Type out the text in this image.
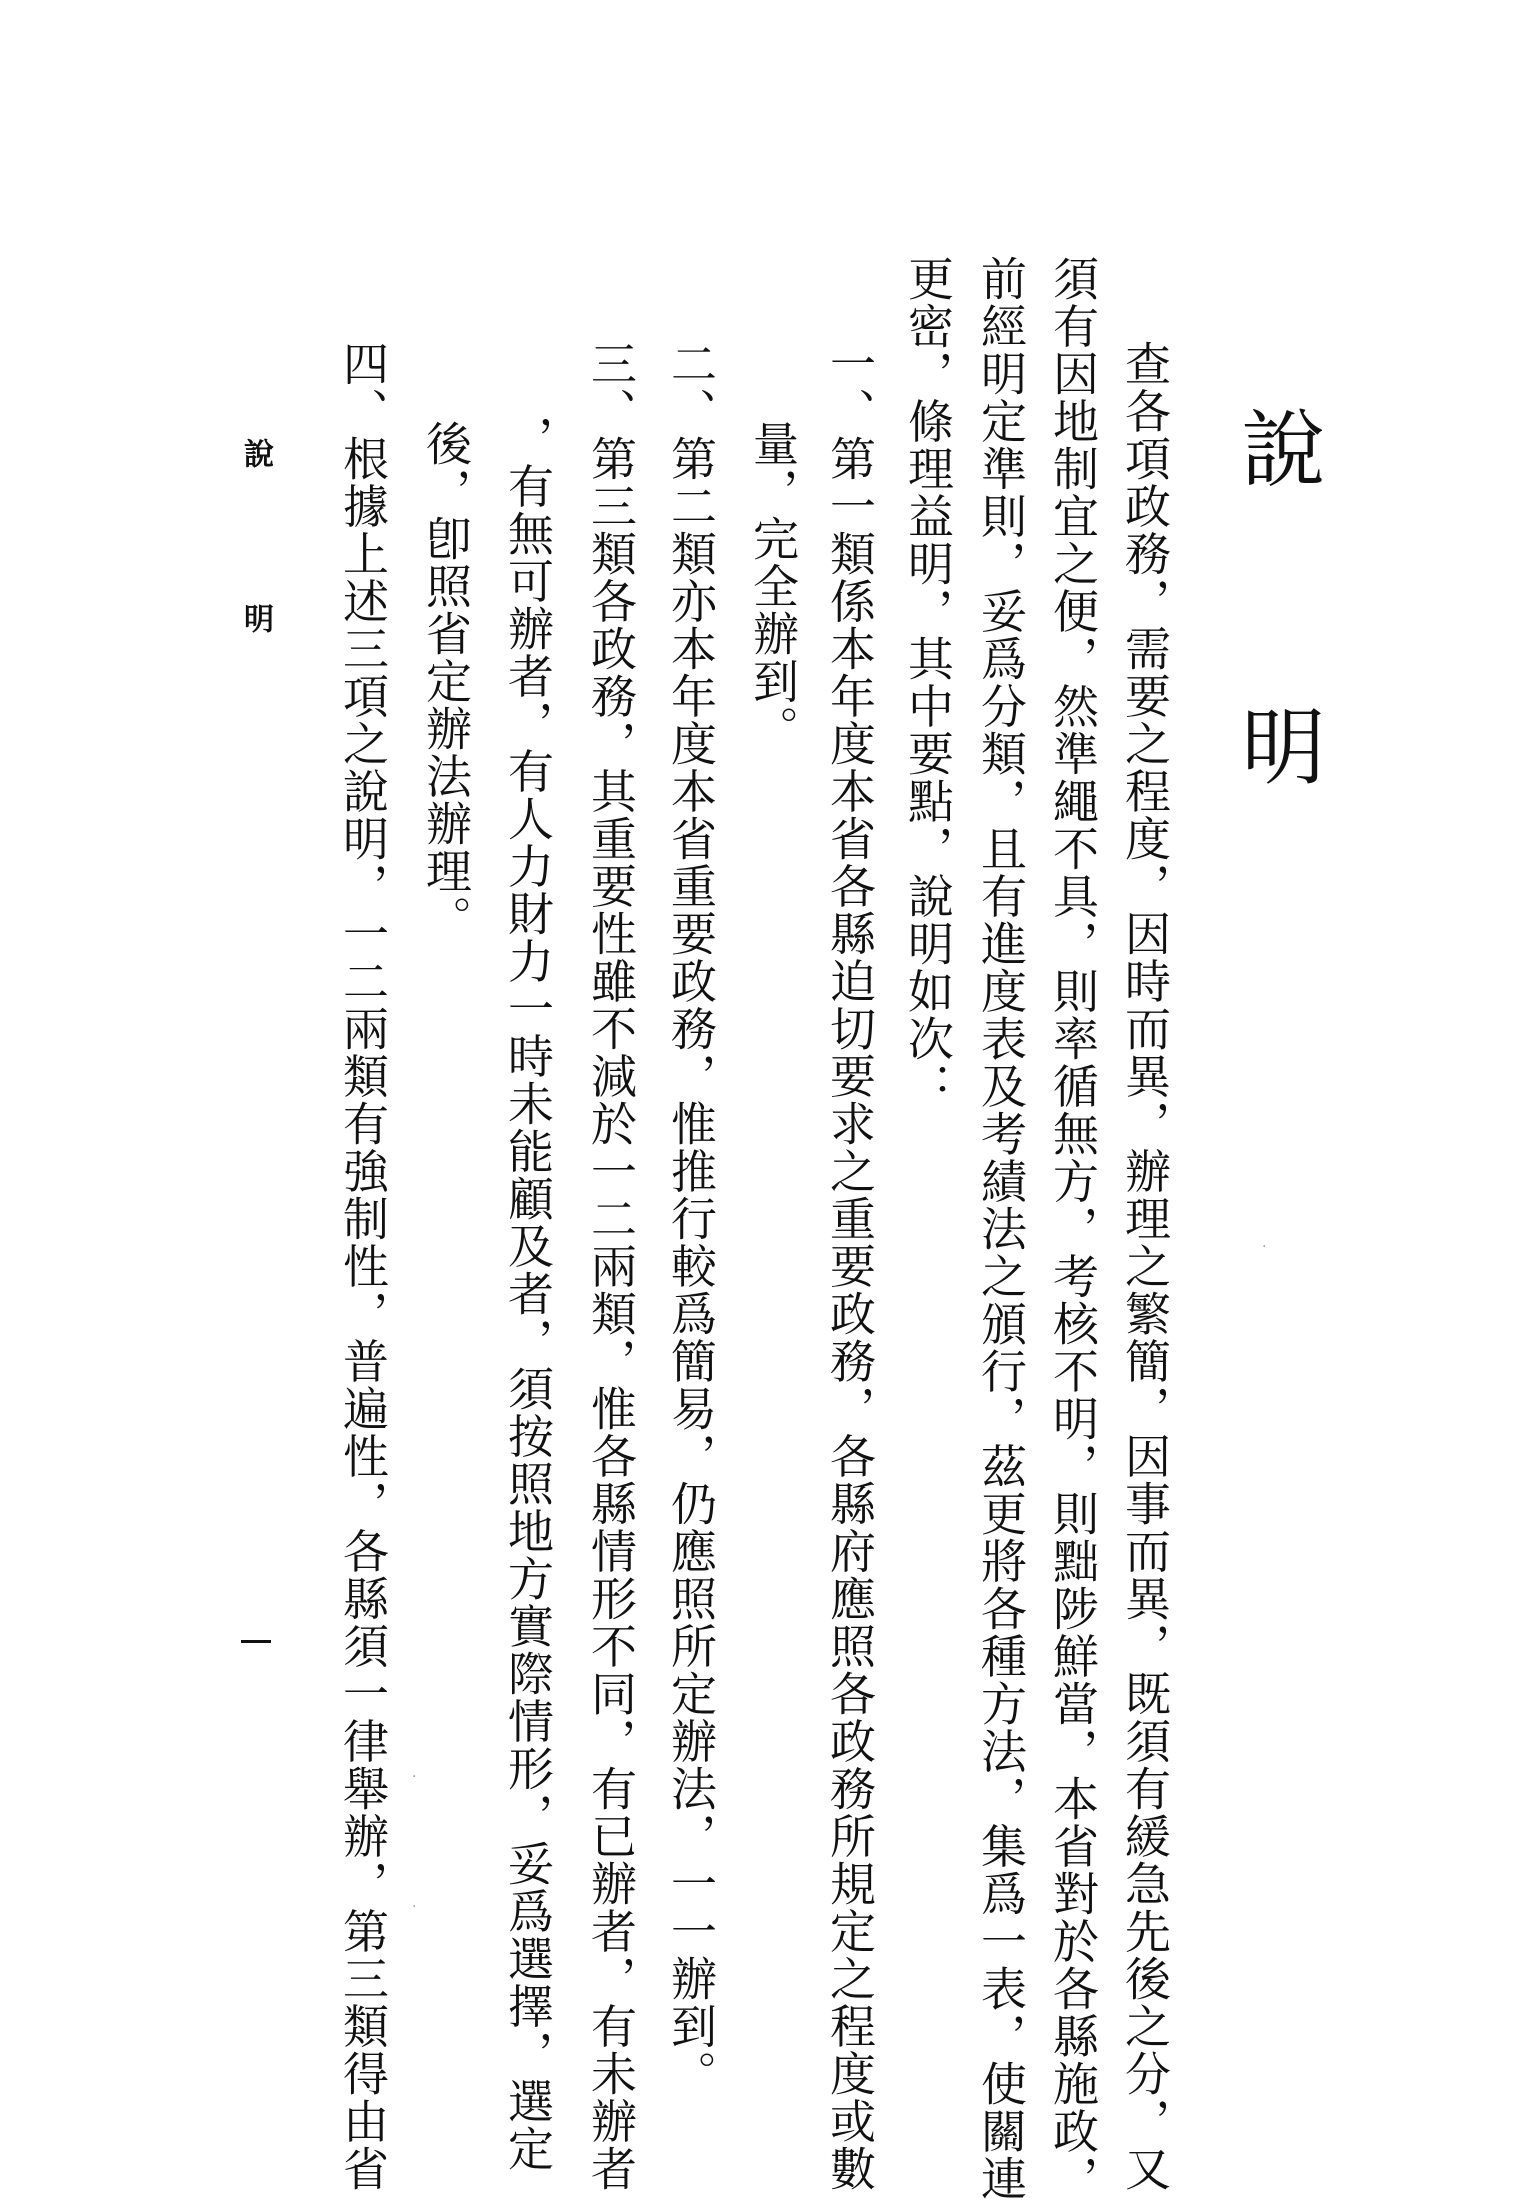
說 明

查各項政務，需要之程度，因時而異，辦理之繁簡，因事而異，既須有緩急先後之分，又

須有因地制宜之便，然準繩不具，則率循無方，考核不明，則黜陟鮮當，本省對於各縣施政，

前經明定準則，妥爲分類，且有進度表及考績法之頒行，茲更將各種方法，集爲一表，使關連

更密，條理益明，其中要點，說明如次：

一、第一類係本年度本省各縣迫切要求之重要政務，各縣府應照各政務所規定之程度或數

量，完全辦到。

二、第二類亦本年度本省重要政務，惟推行較爲簡易，仍應照所定辦法，一一辦到。

三、第三類各政務，其重要性雖不減於一二兩類，惟各縣情形不同，有已辦者，有未辦者

，有無可辦者，有人力財力一時未能顧及者，須按照地方實際情形，妥爲選擇，選定

後，卽照省定辦法辦理。

四、根據上述三項之說明，一二兩類有強制性，普遍性，各縣須一律舉辦，第三類得由省

說 明

·
·
·
